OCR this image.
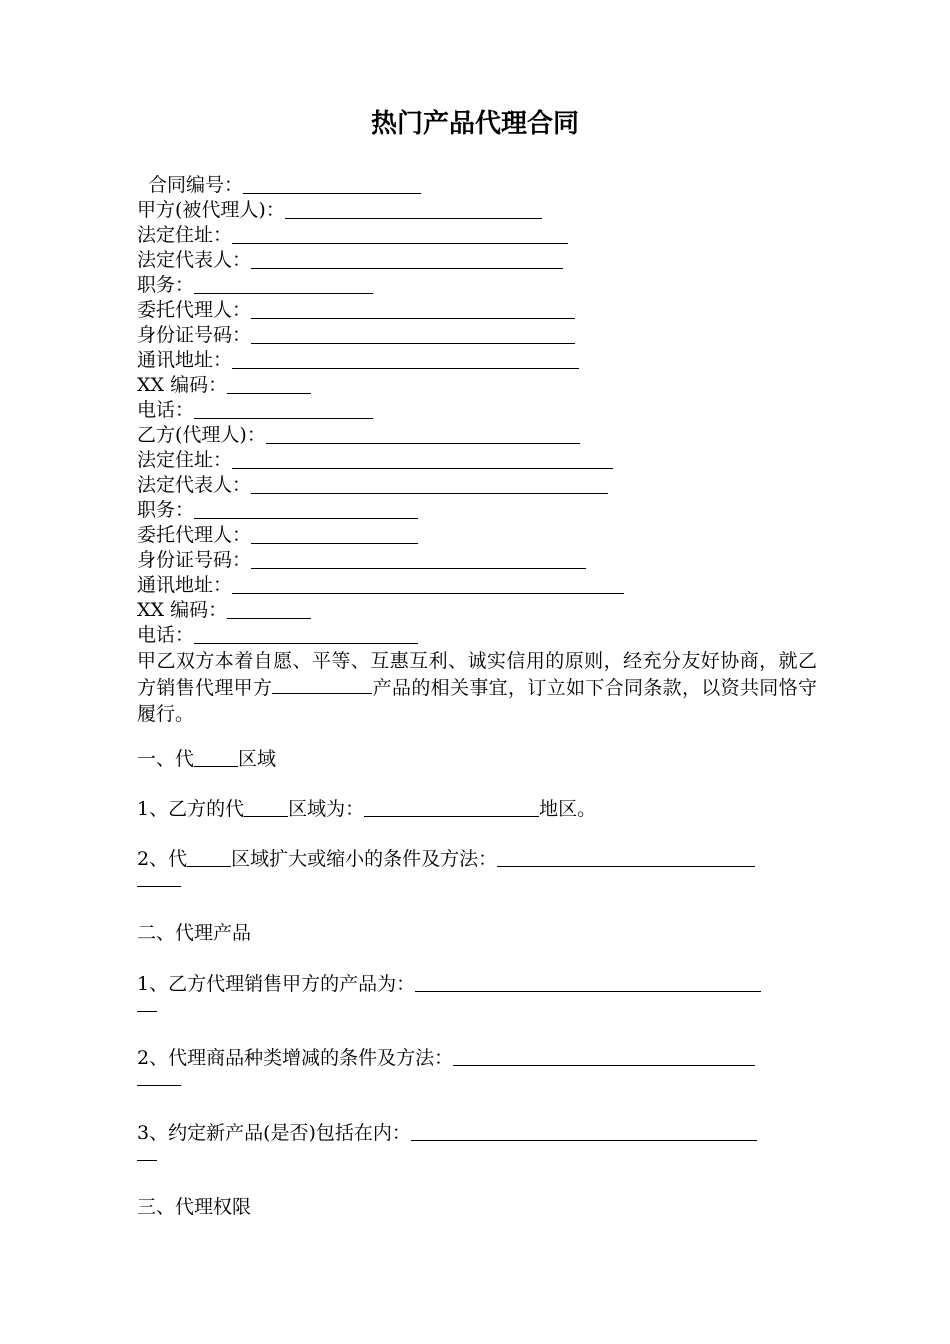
热门产品代理合同
合同编号：
甲方(被代理人)：
法定住址：
法定代表人：
职务：
委托代理人：
身份证号码：
通讯地址：
XX 编码：
电话：
乙方(代理人)：
法定住址：
法定代表人：
职务：
委托代理人：
身份证号码：
通讯地址：
XX 编码：
电话：
甲乙双方本着自愿、平等、互惠互利、诚实信用的原则，经充分友好协商，就乙方销售代理甲方	产品的相关事宜，订立如下合同条款，以资共同恪守履行。
一、代 区域
1、乙方的代 区域为：	地区。
2、代 区域扩大或缩小的条件及方法：
二、代理产品
1、乙方代理销售甲方的产品为：
2、代理商品种类增减的条件及方法：
3、约定新产品(是否)包括在内：
三、代理权限
